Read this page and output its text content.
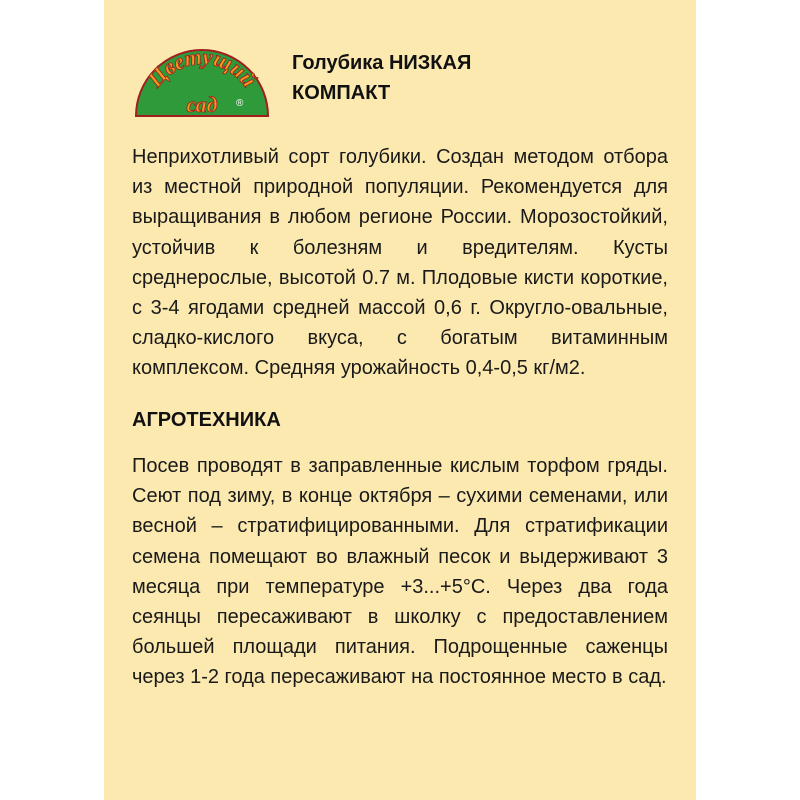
Цветущий
сад ®
Голубика НИЗКАЯ
КОМПАКТ
Неприхотливый сорт голубики. Создан методом отбора из местной природной популяции. Рекомендуется для выращивания в любом регионе России. Морозостойкий, устойчив к болезням и вредителям. Кусты среднерослые, высотой 0.7 м. Плодовые кисти короткие, с 3-4 ягодами средней массой 0,6 г. Округло-овальные, сладко-кислого вкуса, с богатым витаминным комплексом. Средняя урожайность 0,4-0,5 кг/м2.
АГРОТЕХНИКА
Посев проводят в заправленные кислым торфом гряды. Сеют под зиму, в конце октября – сухими семенами, или весной – стратифицированными. Для стратификации семена помещают во влажный песок и выдерживают 3 месяца при температуре +3...+5°С. Через два года сеянцы пересаживают в школку с предоставлением большей площади питания. Подрощенные саженцы через 1-2 года пересаживают на постоянное место в сад.
